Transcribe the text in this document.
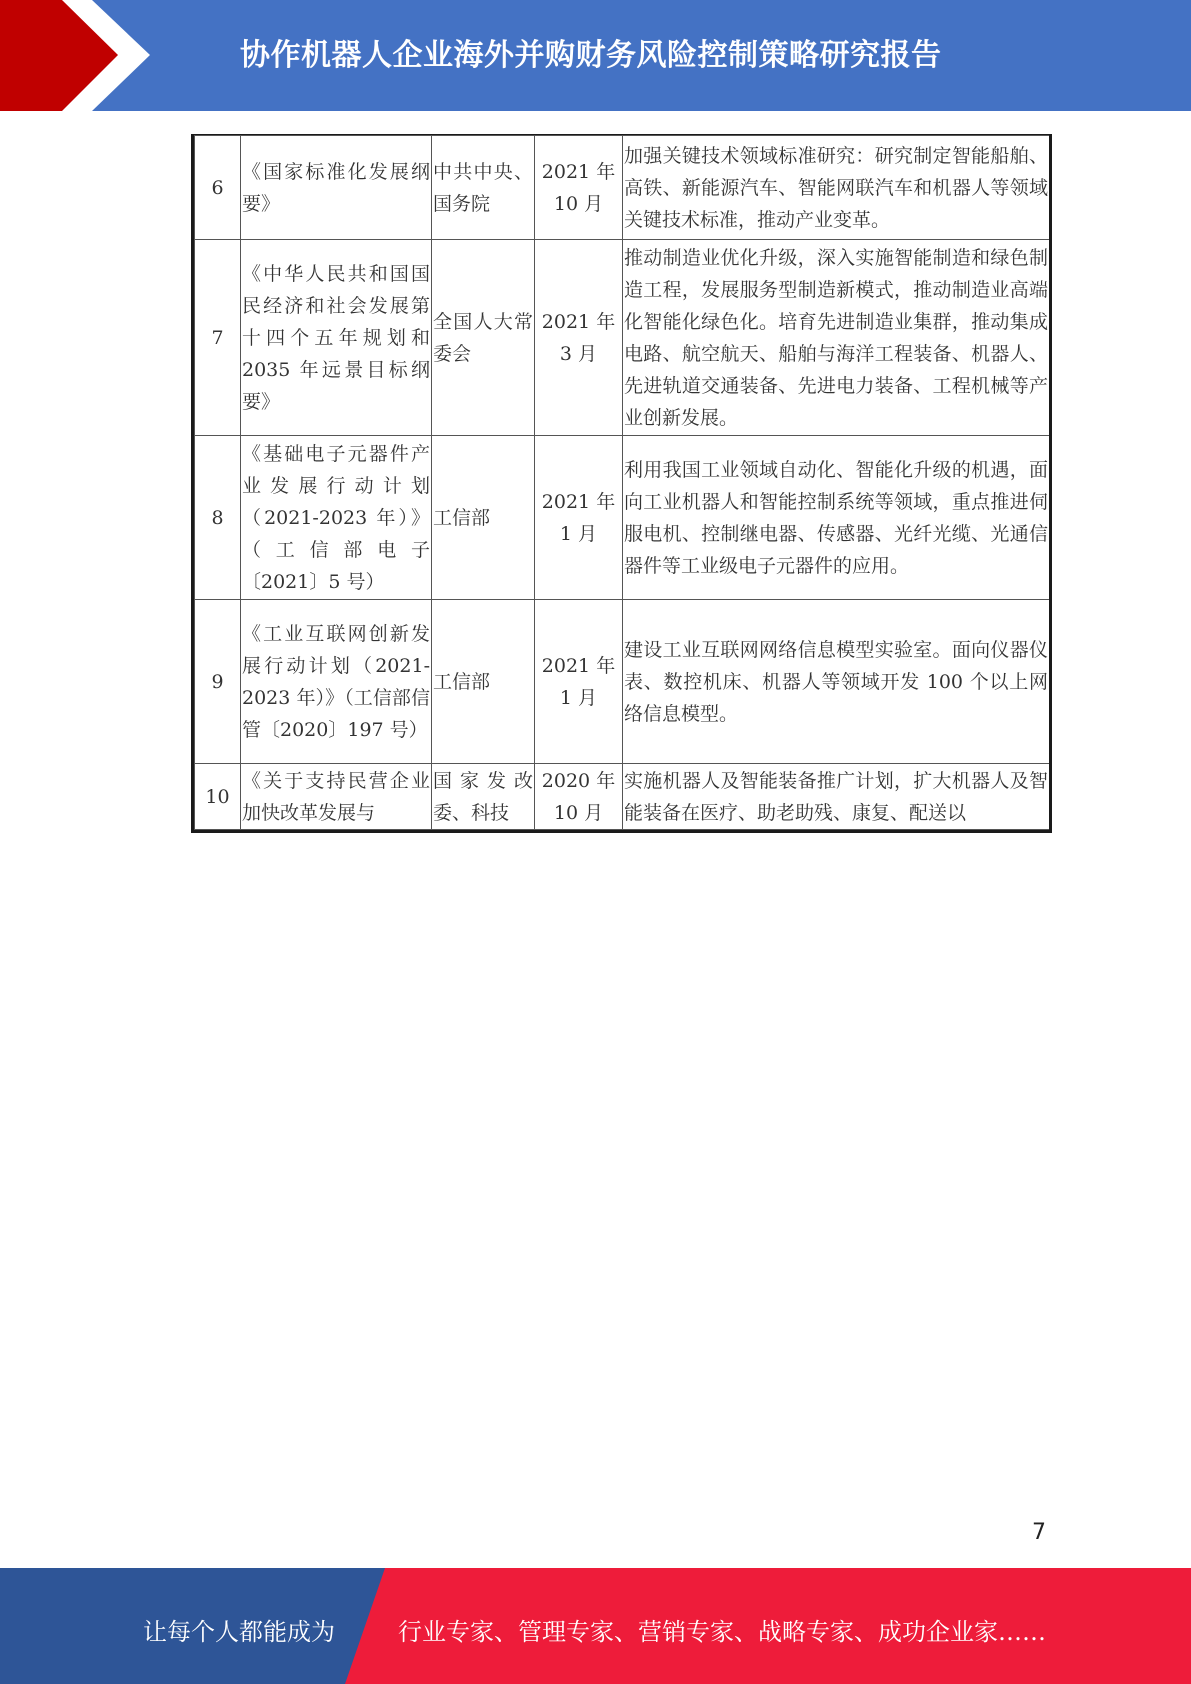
协作机器人企业海外并购财务风险控制策略研究报告
6	《国家标准化发展纲要》	中共中央、国务院	2021 年 10 月	加强关键技术领域标准研究：研究制定智能船舶、高铁、新能源汽车、智能网联汽车和机器人等领域关键技术标准，推动产业变革。

7	《中华人民共和国国民经济和社会发展第十四个五年规划和 2035 年远景目标纲要》	全国人大常委会	2021 年 3 月	推动制造业优化升级，深入实施智能制造和绿色制造工程，发展服务型制造新模式，推动制造业高端化智能化绿色化。培育先进制造业集群，推动集成电路、航空航天、船舶与海洋工程装备、机器人、先进轨道交通装备、先进电力装备、工程机械等产业创新发展。

8	《基础电子元器件产业发展行动计划（2021-2023 年）》（工信部电子〔2021〕5 号）	工信部	2021 年 1 月	利用我国工业领域自动化、智能化升级的机遇，面向工业机器人和智能控制系统等领域，重点推进伺服电机、控制继电器、传感器、光纤光缆、光通信器件等工业级电子元器件的应用。

9	《工业互联网创新发展行动计划（2021-2023 年）》（工信部信管〔2020〕197 号）	工信部	2021 年 1 月	建设工业互联网网络信息模型实验室。面向仪器仪表、数控机床、机器人等领域开发 100 个以上网络信息模型。

10	《关于支持民营企业加快改革发展与	国家发改委、科技	2020 年 10 月	实施机器人及智能装备推广计划，扩大机器人及智能装备在医疗、助老助残、康复、配送以
7
让每个人都能成为	行业专家、管理专家、营销专家、战略专家、成功企业家……
